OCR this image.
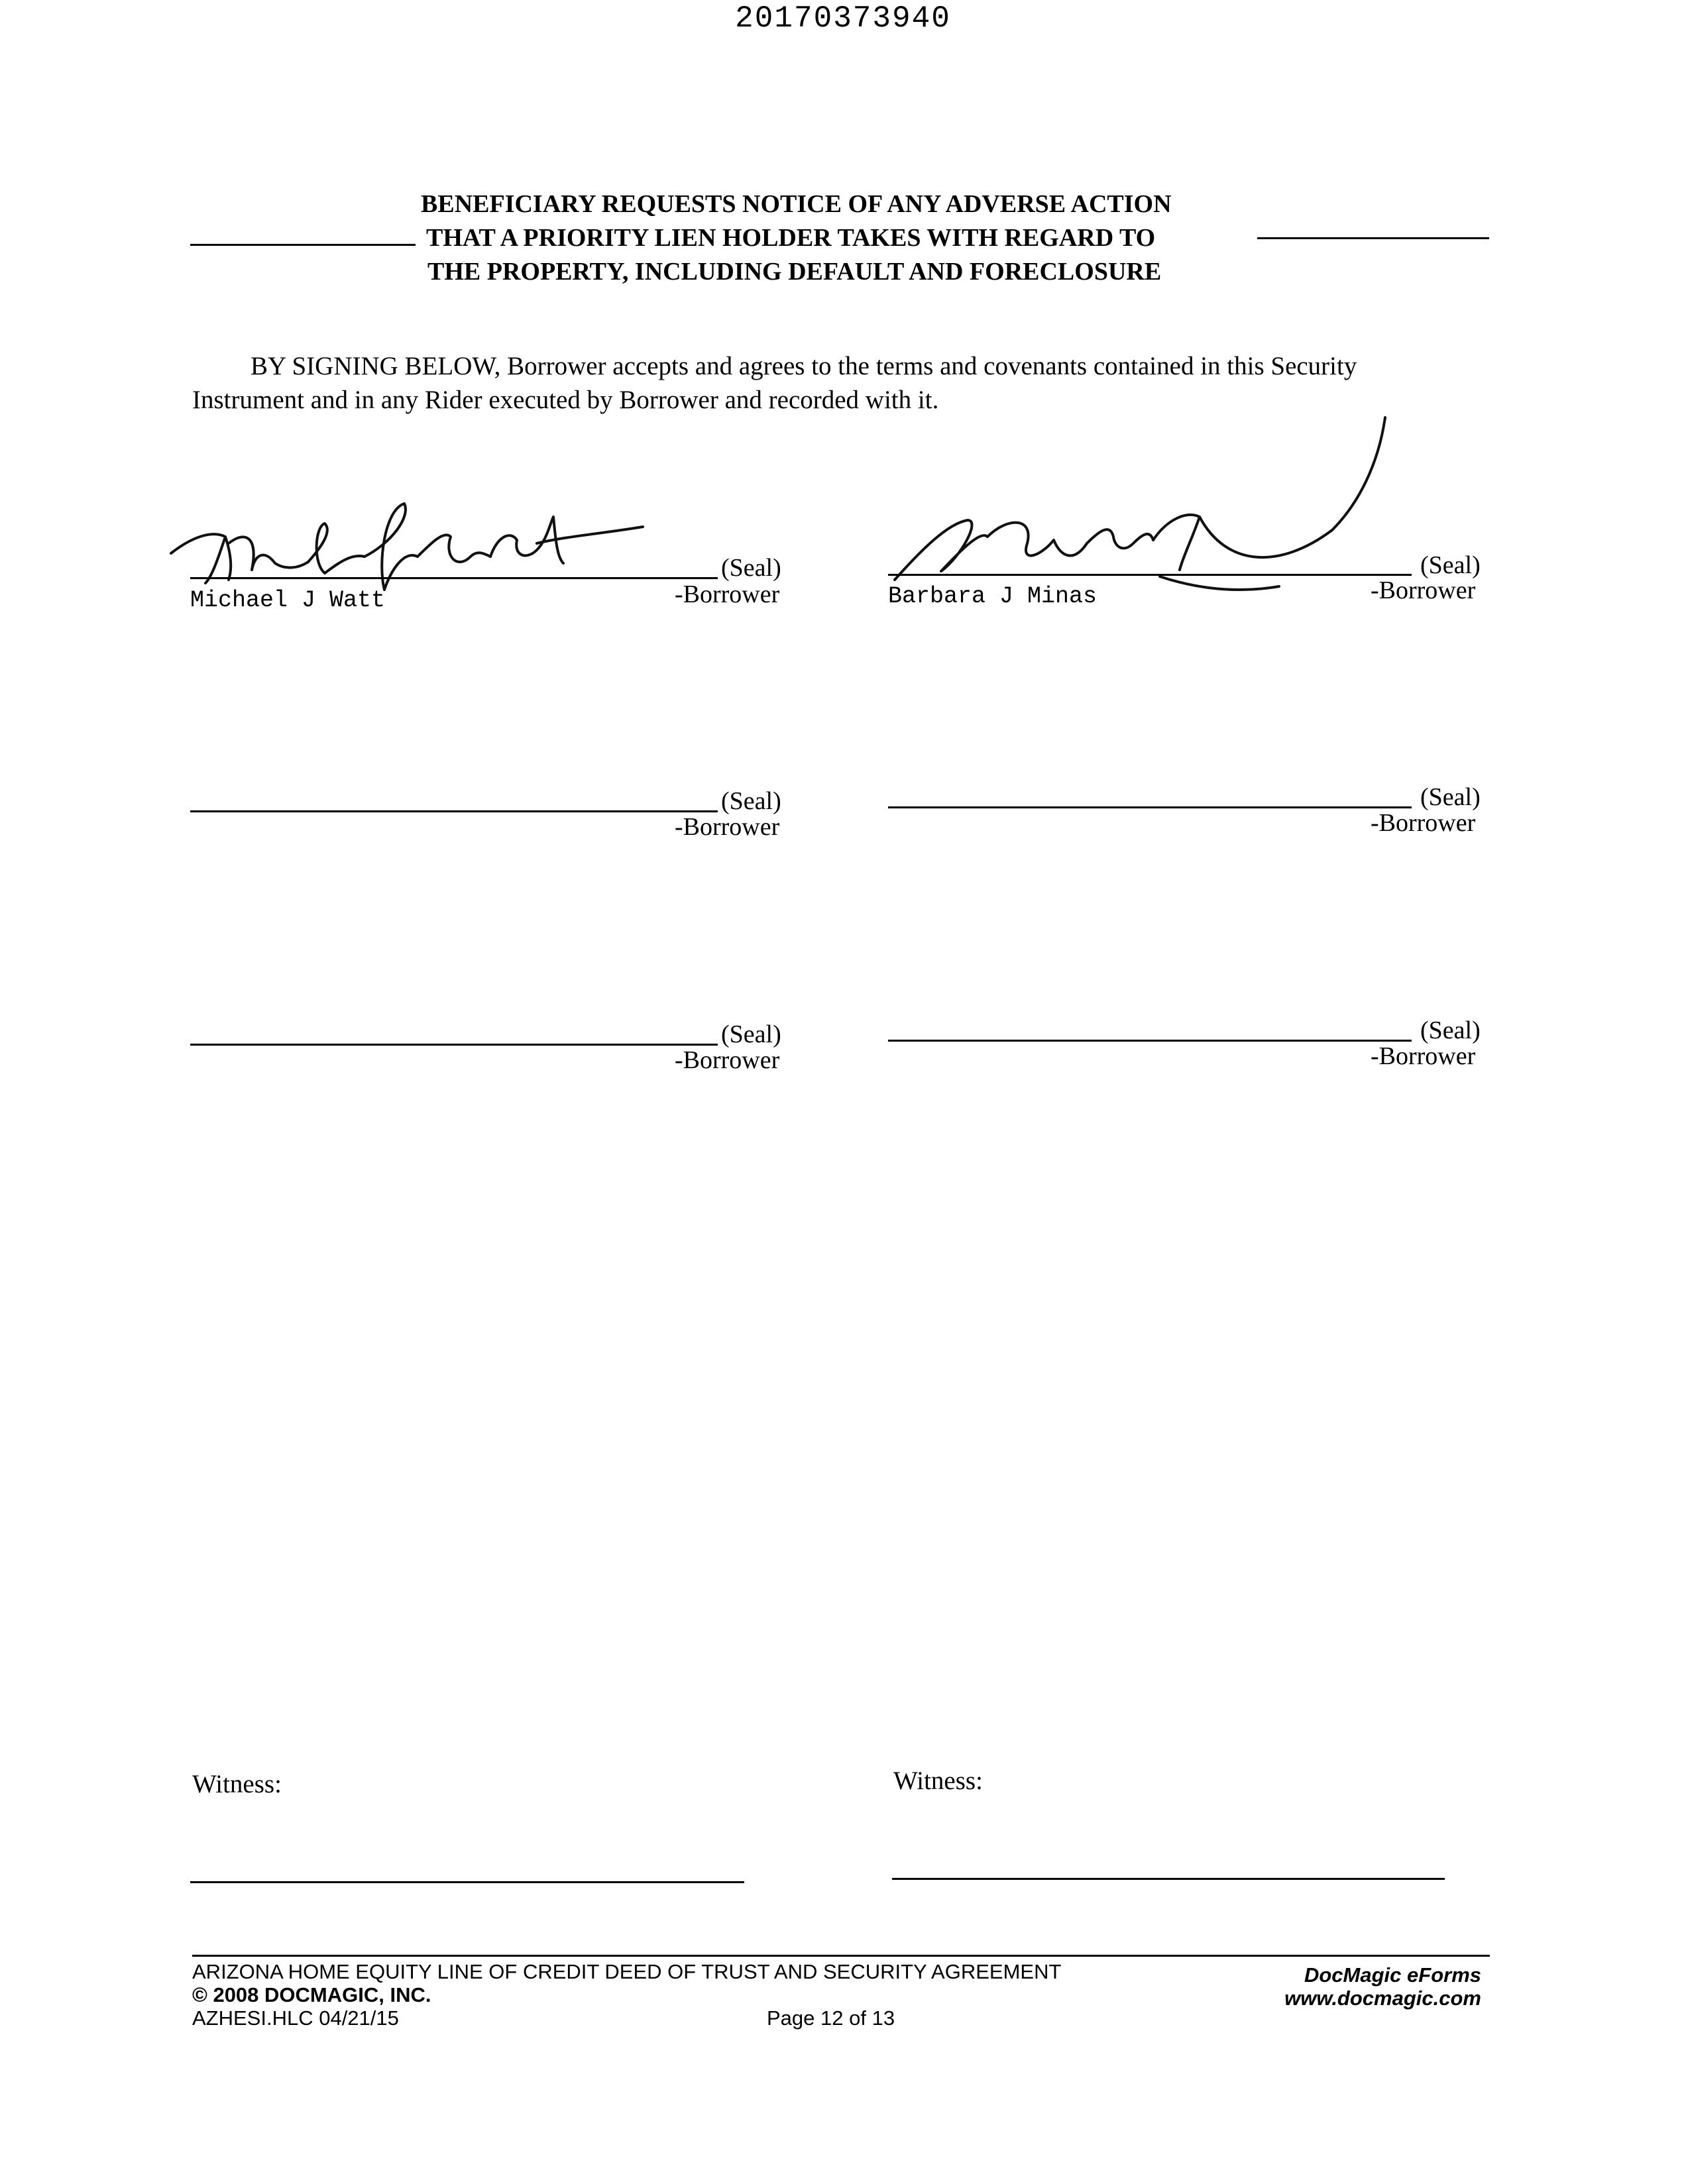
20170373940
BENEFICIARY REQUESTS NOTICE OF ANY ADVERSE ACTION
THAT A PRIORITY LIEN HOLDER TAKES WITH REGARD TO
THE PROPERTY, INCLUDING DEFAULT AND FORECLOSURE
BY SIGNING BELOW, Borrower accepts and agrees to the terms and covenants contained in this Security
Instrument and in any Rider executed by Borrower and recorded with it.
(Seal)
Michael J Watt	-Borrower
(Seal)
Barbara J Minas	-Borrower
(Seal)
-Borrower
(Seal)
-Borrower
(Seal)
-Borrower
(Seal)
-Borrower
Witness:	Witness:
ARIZONA HOME EQUITY LINE OF CREDIT DEED OF TRUST AND SECURITY AGREEMENT
© 2008 DOCMAGIC, INC.
AZHESI.HLC 04/21/15	Page 12 of 13
DocMagic eForms
www.docmagic.com
